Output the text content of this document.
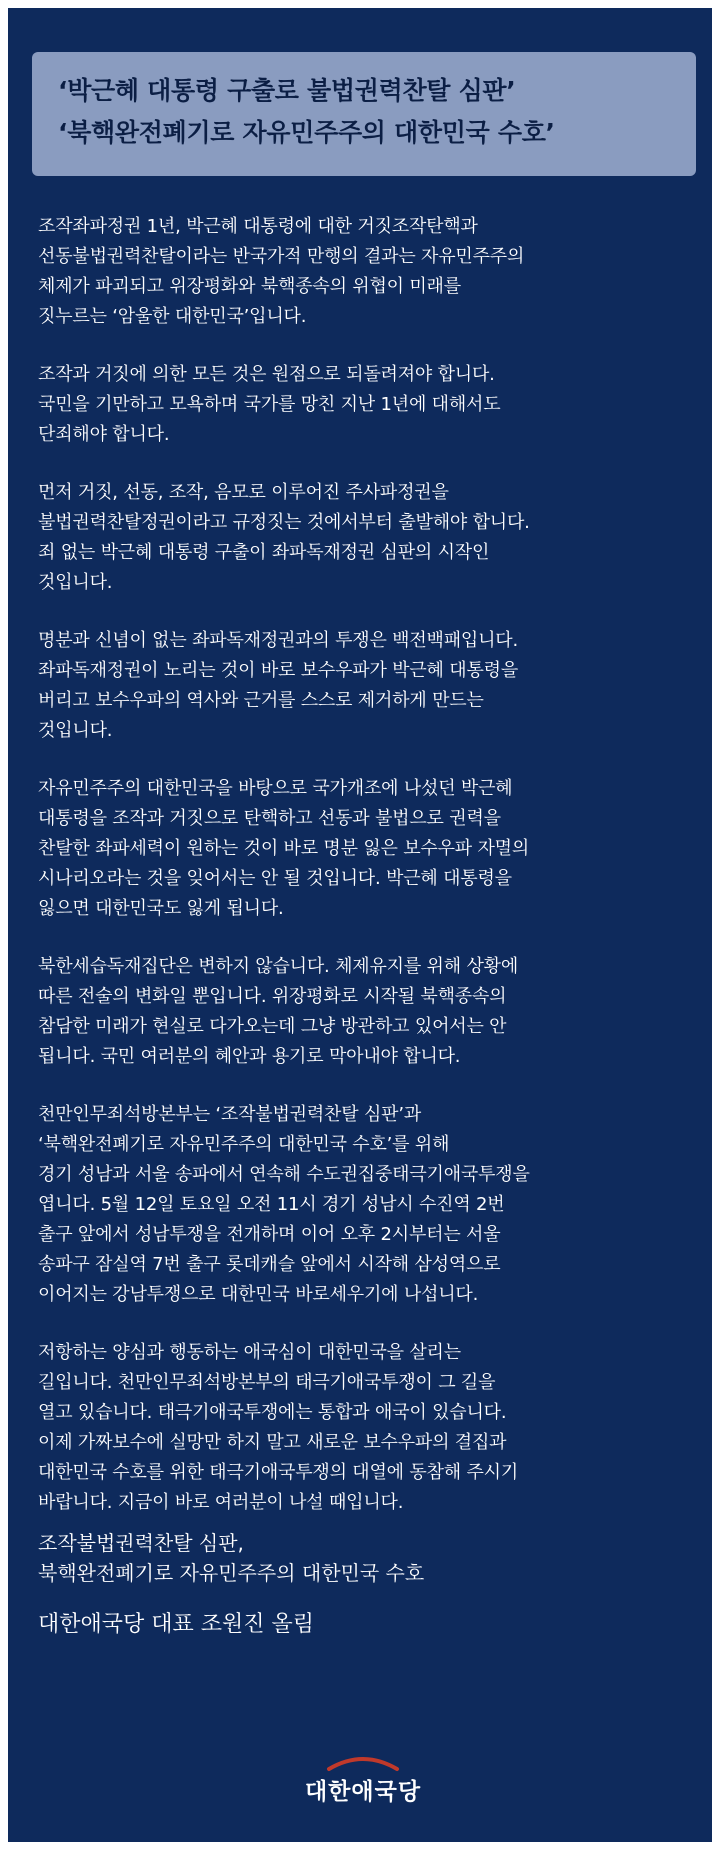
‘박근혜 대통령 구출로 불법권력찬탈 심판’
‘북핵완전폐기로 자유민주주의 대한민국 수호’
조작좌파정권 1년, 박근혜 대통령에 대한 거짓조작탄핵과
선동불법권력찬탈이라는 반국가적 만행의 결과는 자유민주주의
체제가 파괴되고 위장평화와 북핵종속의 위협이 미래를
짓누르는 ‘암울한 대한민국’입니다.
조작과 거짓에 의한 모든 것은 원점으로 되돌려져야 합니다.
국민을 기만하고 모욕하며 국가를 망친 지난 1년에 대해서도
단죄해야 합니다.
먼저 거짓, 선동, 조작, 음모로 이루어진 주사파정권을
불법권력찬탈정권이라고 규정짓는 것에서부터 출발해야 합니다.
죄 없는 박근혜 대통령 구출이 좌파독재정권 심판의 시작인
것입니다.
명분과 신념이 없는 좌파독재정권과의 투쟁은 백전백패입니다.
좌파독재정권이 노리는 것이 바로 보수우파가 박근혜 대통령을
버리고 보수우파의 역사와 근거를 스스로 제거하게 만드는
것입니다.
자유민주주의 대한민국을 바탕으로 국가개조에 나섰던 박근혜
대통령을 조작과 거짓으로 탄핵하고 선동과 불법으로 권력을
찬탈한 좌파세력이 원하는 것이 바로 명분 잃은 보수우파 자멸의
시나리오라는 것을 잊어서는 안 될 것입니다. 박근혜 대통령을
잃으면 대한민국도 잃게 됩니다.
북한세습독재집단은 변하지 않습니다. 체제유지를 위해 상황에
따른 전술의 변화일 뿐입니다. 위장평화로 시작될 북핵종속의
참담한 미래가 현실로 다가오는데 그냥 방관하고 있어서는 안
됩니다. 국민 여러분의 혜안과 용기로 막아내야 합니다.
천만인무죄석방본부는 ‘조작불법권력찬탈 심판’과
‘북핵완전폐기로 자유민주주의 대한민국 수호’를 위해
경기 성남과 서울 송파에서 연속해 수도권집중태극기애국투쟁을
엽니다. 5월 12일 토요일 오전 11시 경기 성남시 수진역 2번
출구 앞에서 성남투쟁을 전개하며 이어 오후 2시부터는 서울
송파구 잠실역 7번 출구 롯데캐슬 앞에서 시작해 삼성역으로
이어지는 강남투쟁으로 대한민국 바로세우기에 나섭니다.
저항하는 양심과 행동하는 애국심이 대한민국을 살리는
길입니다. 천만인무죄석방본부의 태극기애국투쟁이 그 길을
열고 있습니다. 태극기애국투쟁에는 통합과 애국이 있습니다.
이제 가짜보수에 실망만 하지 말고 새로운 보수우파의 결집과
대한민국 수호를 위한 태극기애국투쟁의 대열에 동참해 주시기
바랍니다. 지금이 바로 여러분이 나설 때입니다.
조작불법권력찬탈 심판,
북핵완전폐기로 자유민주주의 대한민국 수호
대한애국당 대표 조원진 올림
대한애국당
